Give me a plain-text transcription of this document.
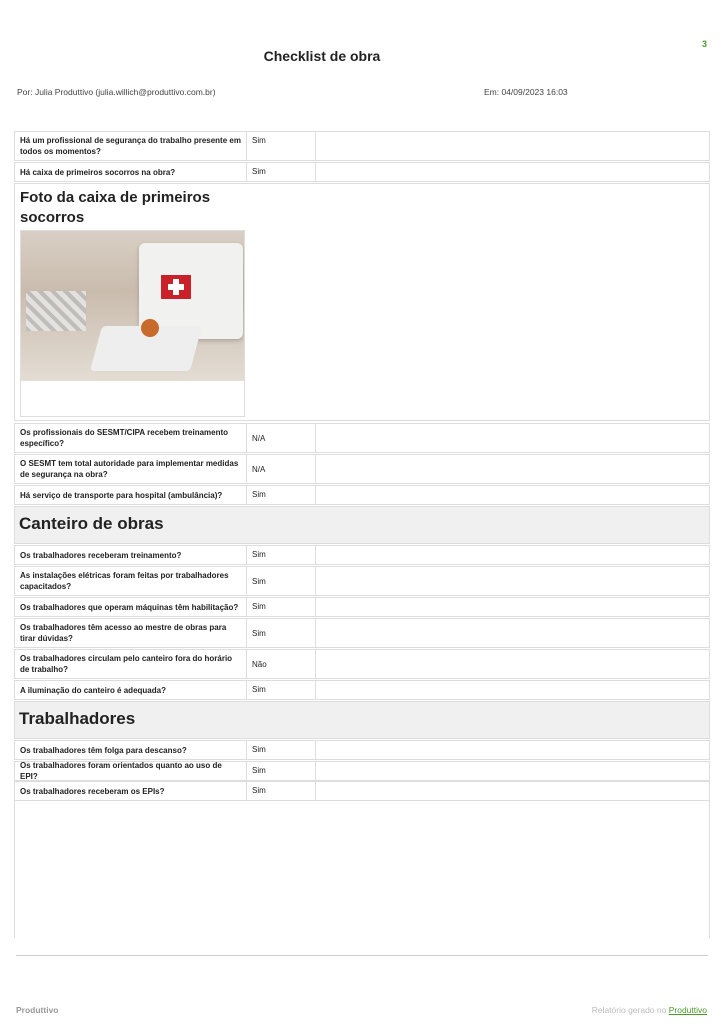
3
Checklist de obra
Por: Julia Produttivo (julia.willich@produttivo.com.br)	Em: 04/09/2023 16:03
Há um profissional de segurança do trabalho presente em todos os momentos?
Sim
Há caixa de primeiros socorros na obra?	Sim
Foto da caixa de primeiros socorros
Os profissionais do SESMT/CIPA recebem treinamento específico?
N/A
O SESMT tem total autoridade para implementar medidas de segurança na obra?
N/A
Há serviço de transporte para hospital (ambulância)?	Sim
Canteiro de obras
Os trabalhadores receberam treinamento?	Sim
As instalações elétricas foram feitas por trabalhadores capacitados?
Sim
Os trabalhadores que operam máquinas têm habilitação?	Sim
Os trabalhadores têm acesso ao mestre de obras para tirar dúvidas?
Sim
Os trabalhadores circulam pelo canteiro fora do horário de trabalho?
Não
A iluminação do canteiro é adequada?	Sim
Trabalhadores
Os trabalhadores têm folga para descanso?	Sim
Os trabalhadores foram orientados quanto ao uso de EPI?
Sim
Os trabalhadores receberam os EPIs?	Sim
Produttivo	Relatório gerado no Produttivo
